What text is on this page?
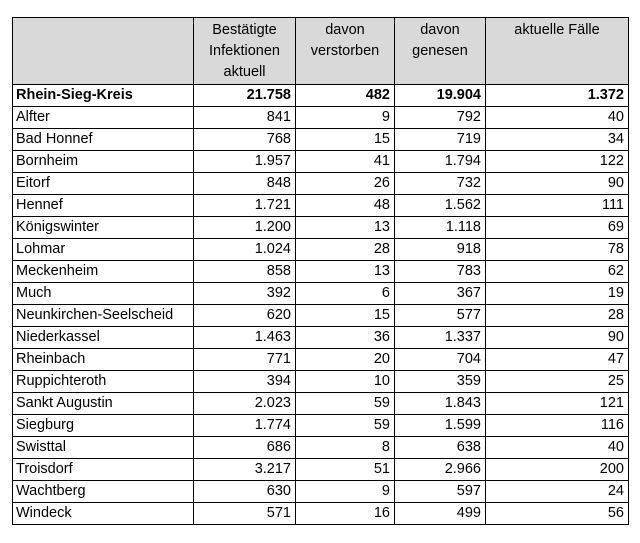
	Bestätigte Infektionen aktuell	davon verstorben	davon genesen	aktuelle Fälle
Rhein-Sieg-Kreis	21.758	482	19.904	1.372
Alfter	841	9	792	40
Bad Honnef	768	15	719	34
Bornheim	1.957	41	1.794	122
Eitorf	848	26	732	90
Hennef	1.721	48	1.562	111
Königswinter	1.200	13	1.118	69
Lohmar	1.024	28	918	78
Meckenheim	858	13	783	62
Much	392	6	367	19
Neunkirchen-Seelscheid	620	15	577	28
Niederkassel	1.463	36	1.337	90
Rheinbach	771	20	704	47
Ruppichteroth	394	10	359	25
Sankt Augustin	2.023	59	1.843	121
Siegburg	1.774	59	1.599	116
Swisttal	686	8	638	40
Troisdorf	3.217	51	2.966	200
Wachtberg	630	9	597	24
Windeck	571	16	499	56
